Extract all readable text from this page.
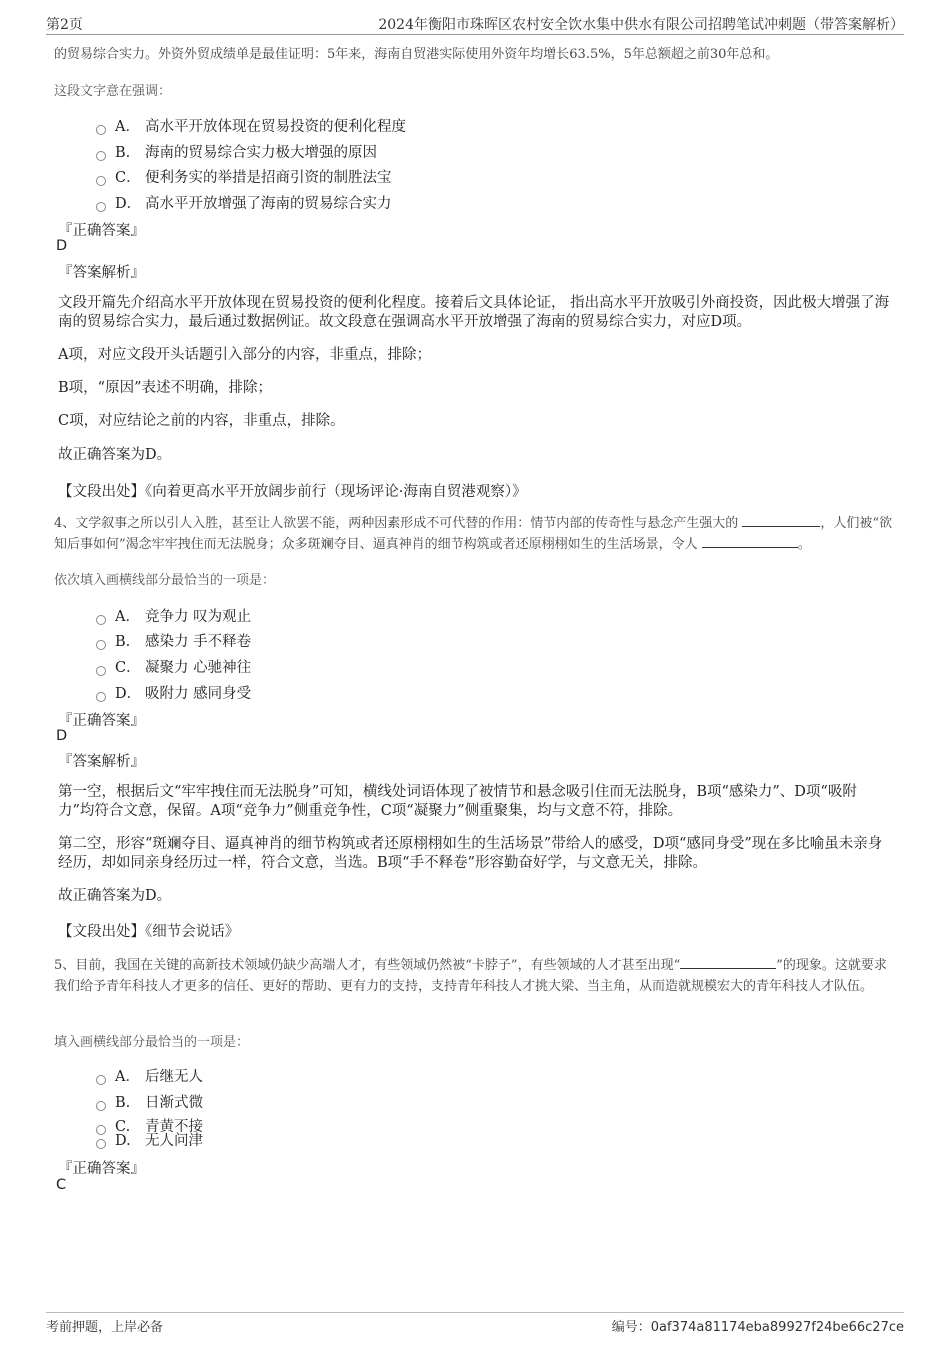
第2页	2024年衡阳市珠晖区农村安全饮水集中供水有限公司招聘笔试冲刺题（带答案解析）
的贸易综合实力。外资外贸成绩单是最佳证明：5年来，海南自贸港实际使用外资年均增长63.5%，5年总额超之前30年总和。
这段文字意在强调：
A． 高水平开放体现在贸易投资的便利化程度
B. 海南的贸易综合实力极大增强的原因
C． 便利务实的举措是招商引资的制胜法宝
D． 高水平开放增强了海南的贸易综合实力
『正确答案』
D
『答案解析』
文段开篇先介绍高水平开放体现在贸易投资的便利化程度。接着后文具体论证， 指出高水平开放吸引外商投资，因此极大增强了海南的贸易综合实力，最后通过数据例证。故文段意在强调高水平开放增强了海南的贸易综合实力，对应D项。
A项，对应文段开头话题引入部分的内容，非重点，排除；
B项，“原因”表述不明确，排除；
C项，对应结论之前的内容，非重点，排除。
故正确答案为D。
【文段出处】《向着更高水平开放阔步前行（现场评论·海南自贸港观察）》
4、文学叙事之所以引人入胜，甚至让人欲罢不能，两种因素形成不可代替的作用：情节内部的传奇性与悬念产生强大的	，人们被“欲知后事如何”渴念牢牢拽住而无法脱身；众多斑斓夺目、逼真神肖的细节构筑或者还原栩栩如生的生活场景，令人	。
依次填入画横线部分最恰当的一项是：
A． 竞争力 叹为观止
B. 感染力 手不释卷
C． 凝聚力 心驰神往
D． 吸附力 感同身受
『正确答案』
D
『答案解析』
第一空，根据后文“牢牢拽住而无法脱身”可知，横线处词语体现了被情节和悬念吸引住而无法脱身，B项“感染力”、D项“吸附力”均符合文意，保留。A项“竞争力”侧重竞争性，C项“凝聚力”侧重聚集，均与文意不符，排除。
第二空，形容“斑斓夺目、逼真神肖的细节构筑或者还原栩栩如生的生活场景”带给人的感受，D项“感同身受”现在多比喻虽未亲身经历，却如同亲身经历过一样，符合文意，当选。B项“手不释卷”形容勤奋好学，与文意无关，排除。
故正确答案为D。
【文段出处】《细节会说话》
5、目前，我国在关键的高新技术领域仍缺少高端人才，有些领域仍然被“卡脖子”，有些领域的人才甚至出现“	”的现象。这就要求我们给予青年科技人才更多的信任、更好的帮助、更有力的支持，支持青年科技人才挑大梁、当主角，从而造就规模宏大的青年科技人才队伍。
填入画横线部分最恰当的一项是：
A． 后继无人
B. 日渐式微
C. 青黄不接
D. 无人问津
『正确答案』
C
考前押题，上岸必备	编号：0af374a81174eba89927f24be66c27ce
